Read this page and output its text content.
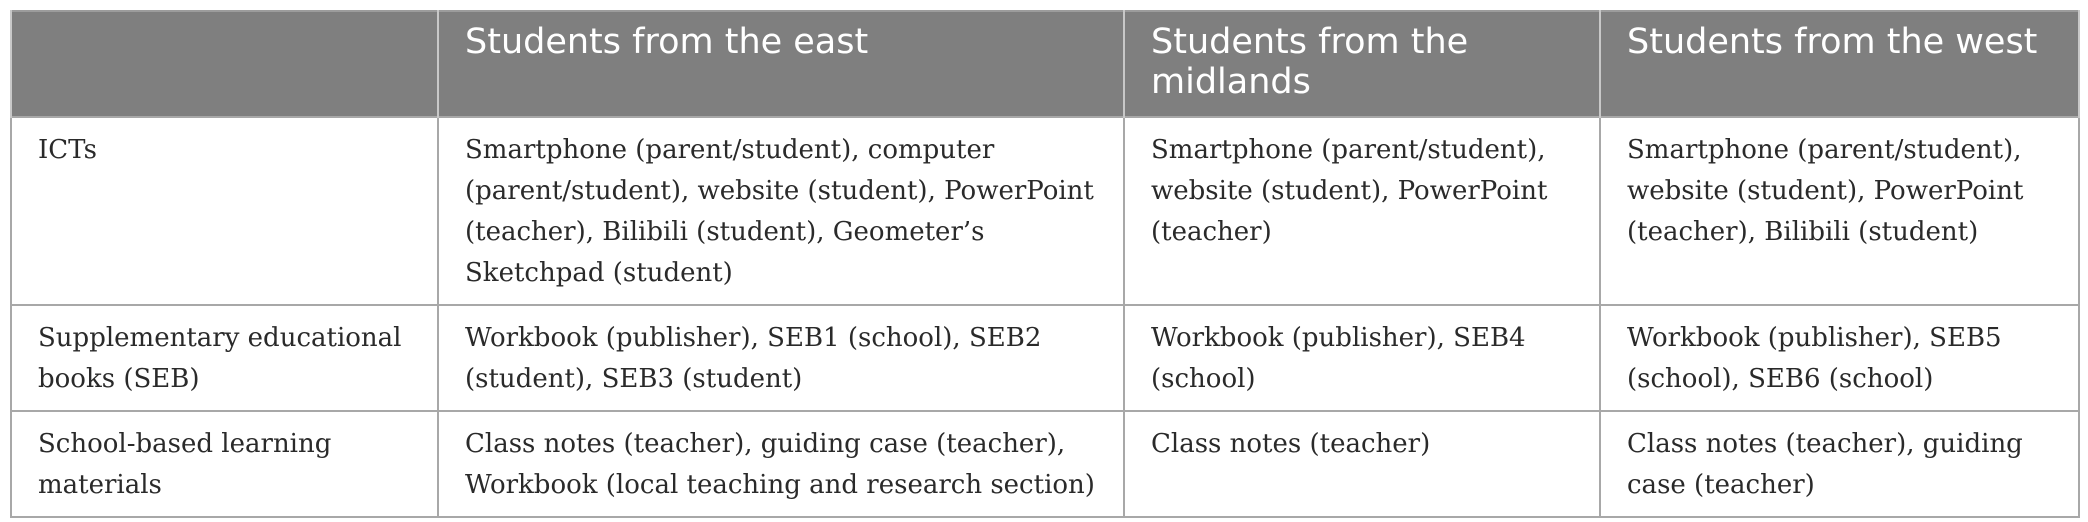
	Students from the east	Students from the midlands	Students from the west
ICTs	Smartphone (parent/student), computer (parent/student), website (student), PowerPoint (teacher), Bilibili (student), Geometer’s Sketchpad (student)	Smartphone (parent/student), website (student), PowerPoint (teacher)	Smartphone (parent/student), website (student), PowerPoint (teacher), Bilibili (student)
Supplementary educational books (SEB)	Workbook (publisher), SEB1 (school), SEB2 (student), SEB3 (student)	Workbook (publisher), SEB4 (school)	Workbook (publisher), SEB5 (school), SEB6 (school)
School-based learning materials	Class notes (teacher), guiding case (teacher), Workbook (local teaching and research section)	Class notes (teacher)	Class notes (teacher), guiding case (teacher)
